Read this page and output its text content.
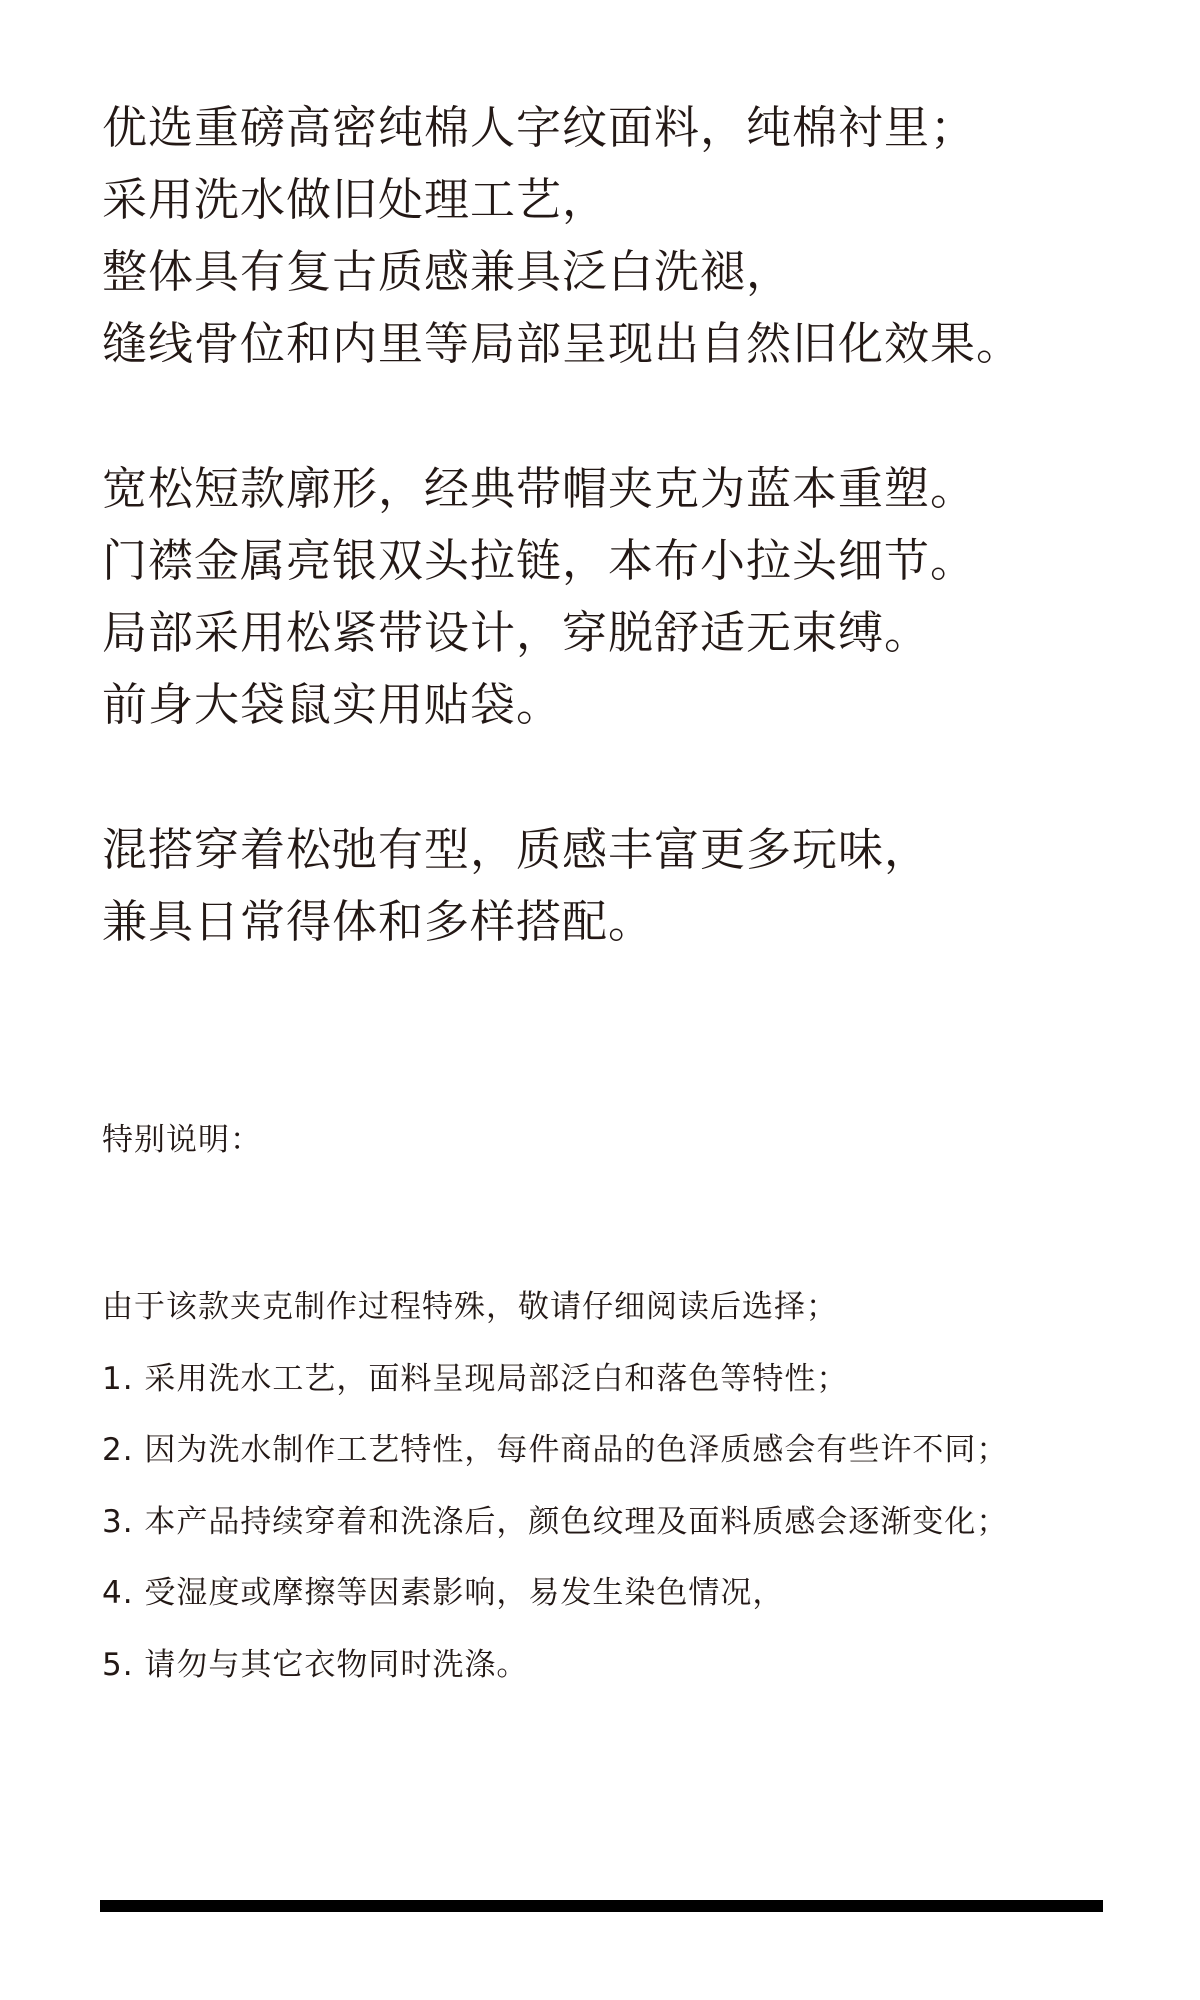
优选重磅高密纯棉人字纹面料，纯棉衬里；
采用洗水做旧处理工艺，
整体具有复古质感兼具泛白洗褪，
缝线骨位和内里等局部呈现出自然旧化效果。
宽松短款廓形，经典带帽夹克为蓝本重塑。
门襟金属亮银双头拉链，本布小拉头细节。
局部采用松紧带设计，穿脱舒适无束缚。
前身大袋鼠实用贴袋。
混搭穿着松弛有型，质感丰富更多玩味，
兼具日常得体和多样搭配。
特别说明：
由于该款夹克制作过程特殊，敬请仔细阅读后选择；
1. 采用洗水工艺，面料呈现局部泛白和落色等特性；
2. 因为洗水制作工艺特性，每件商品的色泽质感会有些许不同；
3. 本产品持续穿着和洗涤后，颜色纹理及面料质感会逐渐变化；
4. 受湿度或摩擦等因素影响，易发生染色情况，
5. 请勿与其它衣物同时洗涤。
